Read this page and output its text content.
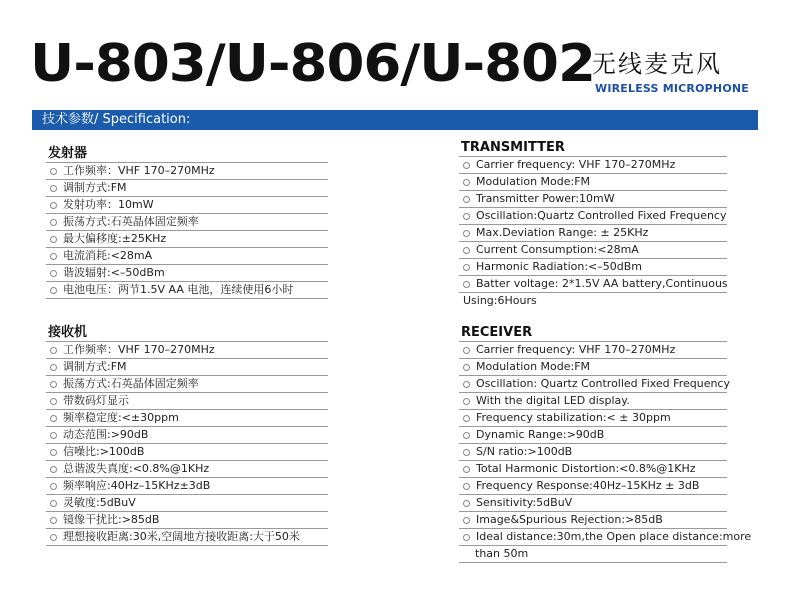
U-803/U-806/U-802
无线麦克风
WIRELESS MICROPHONE
技术参数/ Specification:
发射器
工作频率：VHF 170–270MHz
调制方式:FM
发射功率：10mW
振荡方式:石英晶体固定频率
最大偏移度:±25KHz
电流消耗:<28mA
谐波辐射:<–50dBm
电池电压：两节1.5V AA 电池，连续使用6小时
接收机
工作频率：VHF 170–270MHz
调制方式:FM
振荡方式:石英晶体固定频率
带数码灯显示
频率稳定度:<±30ppm
动态范围:>90dB
信噪比:>100dB
总谐波失真度:<0.8%@1KHz
频率响应:40Hz–15KHz±3dB
灵敏度:5dBuV
镜像干扰比:>85dB
理想接收距离:30米,空阔地方接收距离:大于50米
TRANSMITTER
Carrier frequency: VHF 170–270MHz
Modulation Mode:FM
Transmitter Power:10mW
Oscillation:Quartz Controlled Fixed Frequency
Max.Deviation Range: ± 25KHz
Current Consumption:<28mA
Harmonic Radiation:<–50dBm
Batter voltage: 2*1.5V AA battery,Continuous
Using:6Hours
RECEIVER
Carrier frequency: VHF 170–270MHz
Modulation Mode:FM
Oscillation: Quartz Controlled Fixed Frequency
With the digital LED display.
Frequency stabilization:< ± 30ppm
Dynamic Range:>90dB
S/N ratio:>100dB
Total Harmonic Distortion:<0.8%@1KHz
Frequency Response:40Hz–15KHz ± 3dB
Sensitivity:5dBuV
Image&Spurious Rejection:>85dB
Ideal distance:30m,the Open place distance:more
than 50m
